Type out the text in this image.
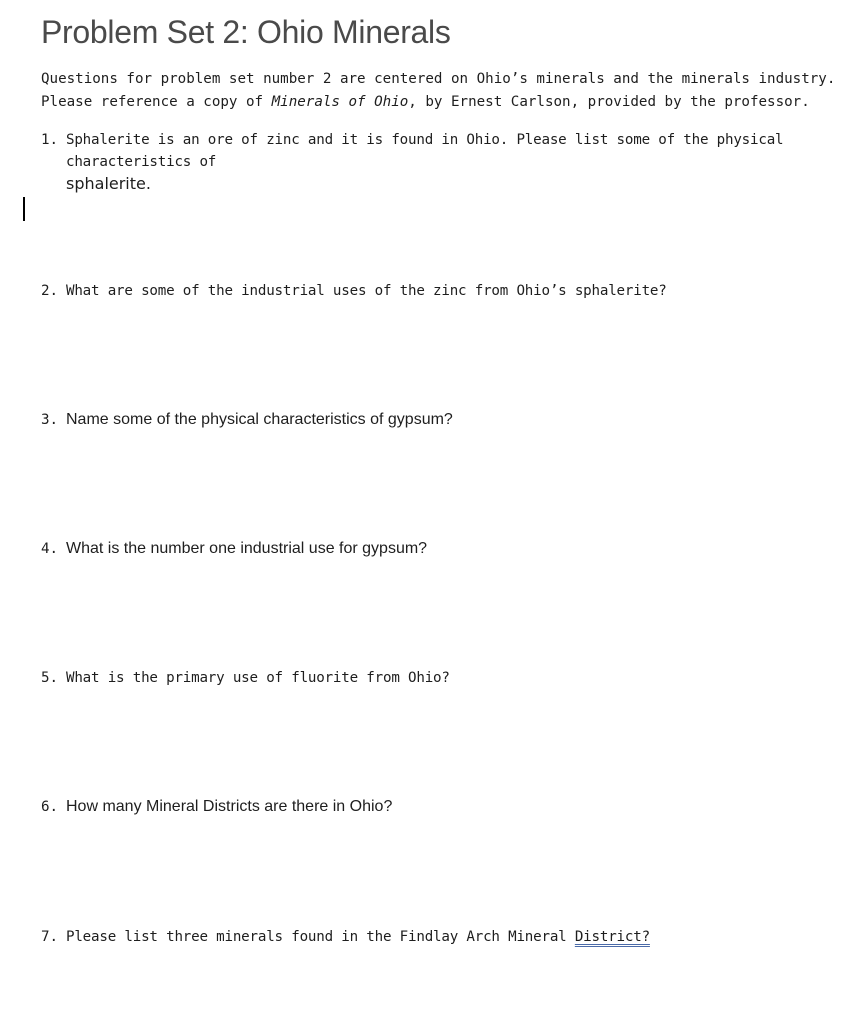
Problem Set 2: Ohio Minerals
Questions for problem set number 2 are centered on Ohio’s minerals and the minerals industry.
Please reference a copy of Minerals of Ohio, by Ernest Carlson, provided by the professor.
1. Sphalerite is an ore of zinc and it is found in Ohio. Please list some of the physical characteristics of
sphalerite.
2. What are some of the industrial uses of the zinc from Ohio’s sphalerite?
3. Name some of the physical characteristics of gypsum?
4. What is the number one industrial use for gypsum?
5. What is the primary use of fluorite from Ohio?
6. How many Mineral Districts are there in Ohio?
7. Please list three minerals found in the Findlay Arch Mineral District?
